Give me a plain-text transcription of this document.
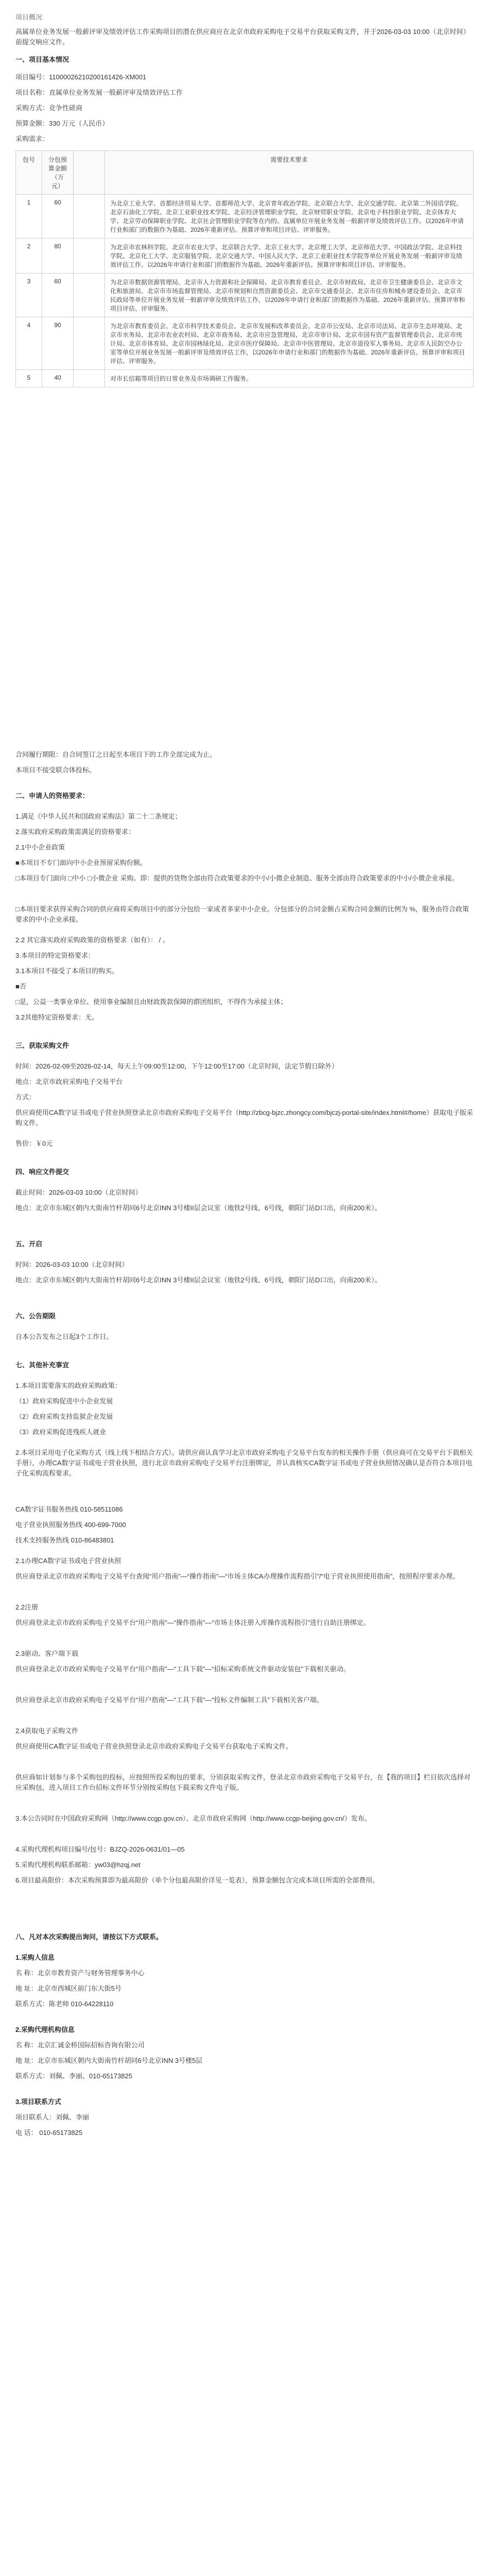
项目概况
高属单位业务发展一般薪评审及绩效评估工作采购项目的潜在供应商应在北京市政府采购电子交易平台获取采购文件，并于2026-03-03 10:00（北京时间）前提交响应文件。
一、项目基本情况
项目编号：11000026210200161426-XM001
项目名称：直属单位业务发展一般薪评审及绩效评估工作
采购方式：竞争性磋商
预算金额：330 万元（人民币）
采购需求：
包号	分包预算金额（万元）		需要技术要求
1	60		为北京工业大学、首都经济贸易大学、首都师范大学、北京青年政治学院、北京联合大学、北京交通学院、北京第二外国语学院、北京石油化工学院、北京工业职业技术学院、北京经济管理职业学院、北京财贸职业学院、北京电子科技职业学院、北京体育大学、北京劳动保障职业学院、北京社会管理职业学院等在内的、直属单位开展业务发展一般薪评审及绩效评估工作。以2026年申请行业和部门的数据作为基础、2026年重新评估。预算评审和项目评估、评审服务。
2	80		为北京市农林科学院、北京市农业大学、北京联合大学、北京工业大学、北京理工大学、北京师范大学、中国政法学院、北京科技学院、北京化工大学、北京服装学院、北京交通大学、中国人民大学、北京工业职业技术学院等单位开展业务发展一般薪评审及绩效评估工作。以2026年申请行业和部门的数据作为基础、2026年重新评估。预算评审和项目评估、评审服务。
3	60		为北京市数据资源管理局、北京市人力资源和社会保障局、北京市教育委员会、北京市财政局、北京市卫生健康委员会、北京市文化和旅游局、北京市市场监督管理局、北京市规划和自然资源委员会、北京市交通委员会、北京市住房和城乡建设委员会、北京市民政局等单位开展业务发展一般薪评审及绩效评估工作，以2026年申请行业和部门的数据作为基础、2026年重新评估。预算评审和项目评估、评审服务。
4	90		为北京市教育委员会、北京市科学技术委员会、北京市发展和改革委员会、北京市公安局、北京市司法局、北京市生态环境局、北京市水务局、北京市农业农村局、北京市商务局、北京市应急管理局、北京市审计局、北京市国有资产监督管理委员会、北京市统计局、北京市体育局、北京市园林绿化局、北京市医疗保障局、北京市中医管理局、北京市退役军人事务局、北京市人民防空办公室等单位开展业务发展一般薪评审及绩效评估工作，以2026年申请行业和部门的数据作为基础、2026年重新评估。预算评审和项目评估、评审服务。
5	40		对市长信箱等项目的日常业务及市场调研工作服务。
合同履行期限：自合同签订之日起至本项目下的工作全部完成为止。
本项目不接受联合体投标。
二、申请人的资格要求：
1.满足《中华人民共和国政府采购法》第二十二条规定；
2.落实政府采购政策需满足的资格要求：
2.1中小企业政策
■本项目不专门面向中小企业预留采购份额。
□本项目专门面向 □中小 □小微企业 采购。即：提供的货物全部由符合政策要求的中小/小微企业制造、服务全部由符合政策要求的中小/小微企业承接。
□本项目要求获得采购合同的供应商将采购项目中的部分分包给一家或者多家中小企业。分包部分的合同金额占采购合同金额的比例为 %，服务由符合政策要求的中小企业承接。
2.2 其它落实政府采购政策的资格要求（如有）： / 。
3.本项目的特定资格要求：
3.1本项目不接受了本项目的购买。
■否
□是，公益一类事业单位、使用事业编制且由财政拨款保障的群团组织，不得作为承接主体；
3.2其他特定资格要求：无。
三、获取采购文件
时间：2026-02-09至2026-02-14，每天上午09:00至12:00，下午12:00至17:00（北京时间，法定节假日除外）
地点：北京市政府采购电子交易平台
方式：
供应商使用CA数字证书或电子营业执照登录北京市政府采购电子交易平台（http://zbcg-bjzc.zhongcy.com/bjczj-portal-site/index.html#/home）获取电子版采购文件。
售价：￥0元
四、响应文件提交
截止时间：2026-03-03 10:00（北京时间）
地点：北京市东城区朝内大街南竹杆胡同6号北京INN 3号楼II层会议室（地铁2号线、6号线，朝阳门站D口出，向南200米）。
五、开启
时间：2026-03-03 10:00（北京时间）
地点：北京市东城区朝内大街南竹杆胡同6号北京INN 3号楼II层会议室（地铁2号线、6号线，朝阳门站D口出，向南200米）。
六、公告期限
自本公告发布之日起3个工作日。
七、其他补充事宜
1.本项目需要落实的政府采购政策：
（1）政府采购促进中小企业发展
（2）政府采购支持监狱企业发展
（3）政府采购促进残疾人就业
2.本项目采用电子化采购方式（线上线下相结合方式）。请供应商认真学习北京市政府采购电子交易平台发布的相关操作手册（供应商可在交易平台下载相关手册），办理CA数字证书或电子营业执照，进行北京市政府采购电子交易平台注册绑定，并认真核实CA数字证书或电子营业执照情况确认是否符合本项目电子化采购流程要求。
CA数字证书服务热线 010-58511086
电子营业执照服务热线 400-699-7000
技术支持服务热线 010-86483801
2.1办理CA数字证书或电子营业执照
供应商登录北京市政府采购电子交易平台查阅“用户指南”—“操作指南”—“市场主体CA办理操作流程指引”/“电子营业执照使用指南”，按照程序要求办理。
2.2注册
供应商登录北京市政府采购电子交易平台“用户指南”—“操作指南”—“市场主体注册入库操作流程指引”进行自助注册绑定。
2.3驱动、客户端下载
供应商登录北京市政府采购电子交易平台“用户指南”—“工具下载”—“招标采购系统文件驱动安装包”下载相关驱动。
供应商登录北京市政府采购电子交易平台“用户指南”—“工具下载”—“投标文件编制工具”下载相关客户端。
2.4获取电子采购文件
供应商使用CA数字证书或电子营业执照登录北京市政府采购电子交易平台获取电子采购文件。
供应商如计划参与多个采购包的投标，应按照所投采购包的要求，分别获取采购文件，登录北京市政府采购电子交易平台，在【我的项目】栏目依次选择对应采购包，进入项目工作台招标文件环节分别按采购包下载采购文件电子版。
3.本公告同时在中国政府采购网（http://www.ccgp.gov.cn）、北京市政府采购网（http://www.ccgp-beijing.gov.cn/）发布。
4.采购代理机构项目编号/包号：BJZQ-2026-0631/01—05
5.采购代理机构联系邮箱：yw03@hzqj.net
6.项目最高限价：本次采购预算即为最高限价（单个分包最高限价详见一览表），预算金额包含完成本项目所需的全部费用。
八、凡对本次采购提出询问，请按以下方式联系。
1.采购人信息
名 称：北京市教育资产与财务管理事务中心
地 址：北京市西城区前门东大街5号
联系方式：陈老师 010-64228110
2.采购代理机构信息
名 称：北京汇诚金桥国际招标咨询有限公司
地 址：北京市东城区朝内大街南竹杆胡同6号北京INN 3号楼5层
联系方式：刘佩、李丽、010-65173825
3.项目联系方式
项目联系人：刘佩、李丽
电 话： 010-65173825
